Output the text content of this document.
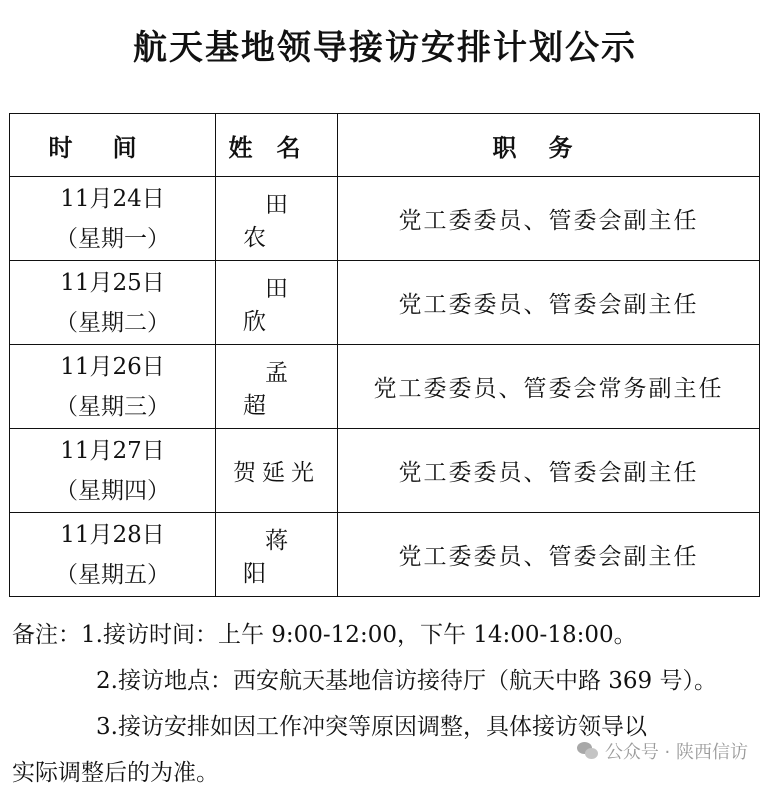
航天基地领导接访安排计划公示
时间	姓名	职务

11月24日
（星期一）	田农	党工委委员、管委会副主任

11月25日
（星期二）	田欣	党工委委员、管委会副主任

11月26日
（星期三）	孟超	党工委委员、管委会常务副主任

11月27日
（星期四）	贺延光	党工委委员、管委会副主任

11月28日
（星期五）	蒋阳	党工委委员、管委会副主任
备注：1.接访时间：上午 9:00-12:00，下午 14:00-18:00。
2.接访地点：西安航天基地信访接待厅（航天中路 369 号）。
3.接访安排如因工作冲突等原因调整，具体接访领导以
实际调整后的为准。
公众号 · 陕西信访
